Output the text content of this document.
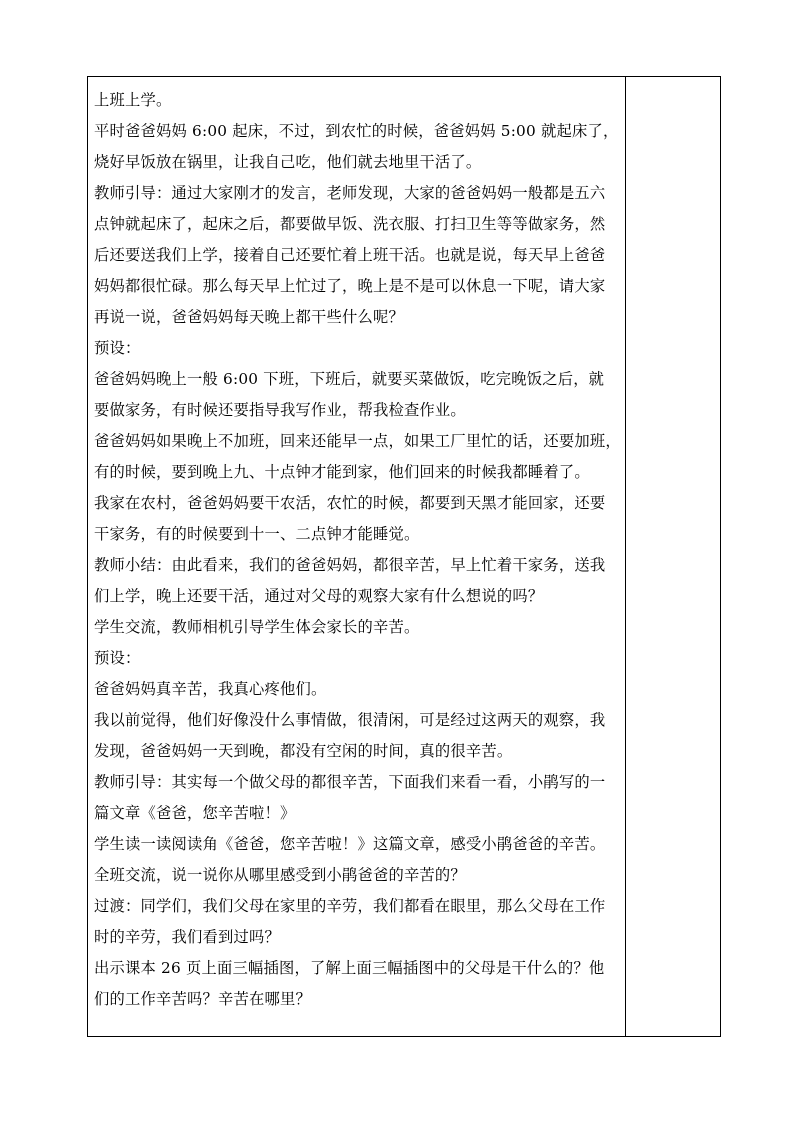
上班上学。

平时爸爸妈妈 6:00 起床，不过，到农忙的时候，爸爸妈妈 5:00 就起床了，

烧好早饭放在锅里，让我自己吃，他们就去地里干活了。

教师引导：通过大家刚才的发言，老师发现，大家的爸爸妈妈一般都是五六

点钟就起床了，起床之后，都要做早饭、洗衣服、打扫卫生等等做家务，然

后还要送我们上学，接着自己还要忙着上班干活。也就是说，每天早上爸爸

妈妈都很忙碌。那么每天早上忙过了，晚上是不是可以休息一下呢，请大家

再说一说，爸爸妈妈每天晚上都干些什么呢？

预设：

爸爸妈妈晚上一般 6:00 下班，下班后，就要买菜做饭，吃完晚饭之后，就

要做家务，有时候还要指导我写作业，帮我检查作业。

爸爸妈妈如果晚上不加班，回来还能早一点，如果工厂里忙的话，还要加班，

有的时候，要到晚上九、十点钟才能到家，他们回来的时候我都睡着了。

我家在农村，爸爸妈妈要干农活，农忙的时候，都要到天黑才能回家，还要

干家务，有的时候要到十一、二点钟才能睡觉。

教师小结：由此看来，我们的爸爸妈妈，都很辛苦，早上忙着干家务，送我

们上学，晚上还要干活，通过对父母的观察大家有什么想说的吗？

学生交流，教师相机引导学生体会家长的辛苦。

预设：

爸爸妈妈真辛苦，我真心疼他们。

我以前觉得，他们好像没什么事情做，很清闲，可是经过这两天的观察，我

发现，爸爸妈妈一天到晚，都没有空闲的时间，真的很辛苦。

教师引导：其实每一个做父母的都很辛苦，下面我们来看一看，小鹃写的一

篇文章《爸爸，您辛苦啦！》

学生读一读阅读角《爸爸，您辛苦啦！》这篇文章，感受小鹃爸爸的辛苦。

全班交流，说一说你从哪里感受到小鹃爸爸的辛苦的？

过渡：同学们，我们父母在家里的辛劳，我们都看在眼里，那么父母在工作

时的辛劳，我们看到过吗？

出示课本 26 页上面三幅插图，了解上面三幅插图中的父母是干什么的？他

们的工作辛苦吗？辛苦在哪里？
